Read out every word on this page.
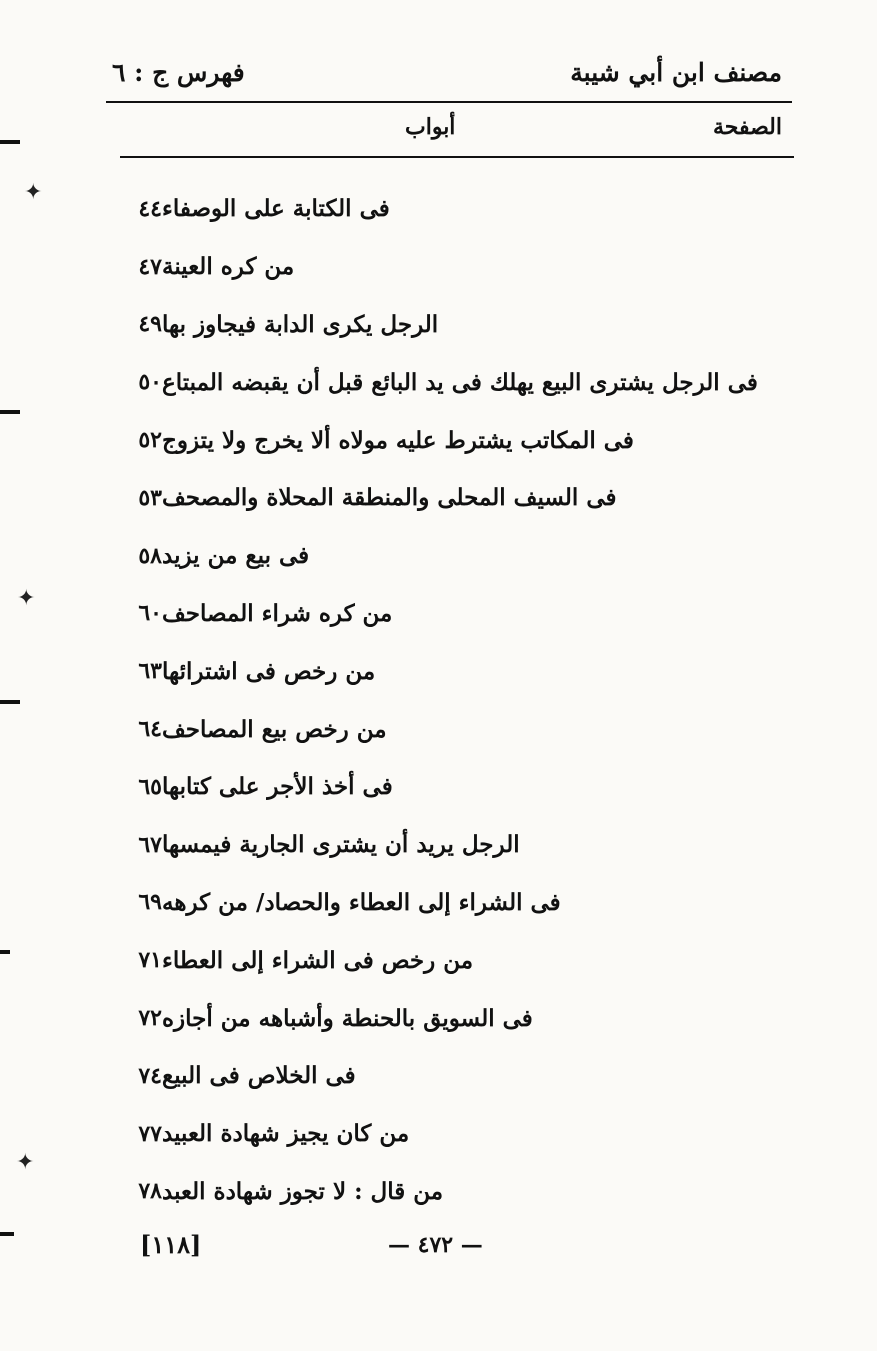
مصنف ابن أبي شيبة
فهرس ج : ٦
الصفحة
أبواب
٤٤ فى الكتابة على الوصفاء
٤٧ من كره العينة
٤٩ الرجل يكرى الدابة فيجاوز بها
٥٠ فى الرجل يشترى البيع يهلك فى يد البائع قبل أن يقبضه المبتاع
٥٢ فى المكاتب يشترط عليه مولاه ألا يخرج ولا يتزوج
٥٣ فى السيف المحلى والمنطقة المحلاة والمصحف
٥٨ فى بيع من يزيد
٦٠ من كره شراء المصاحف
٦٣ من رخص فى اشترائها
٦٤ من رخص بيع المصاحف
٦٥ فى أخذ الأجر على كتابها
٦٧ الرجل يريد أن يشترى الجارية فيمسها
٦٩ فى الشراء إلى العطاء والحصاد/ من كرهه
٧١ من رخص فى الشراء إلى العطاء
٧٢ فى السويق بالحنطة وأشباهه من أجازه
٧٤ فى الخلاص فى البيع
٧٧ من كان يجيز شهادة العبيد
٧٨ من قال : لا تجوز شهادة العبد
— ٤٧٢ —
[١١٨]
✦
✦
✦
